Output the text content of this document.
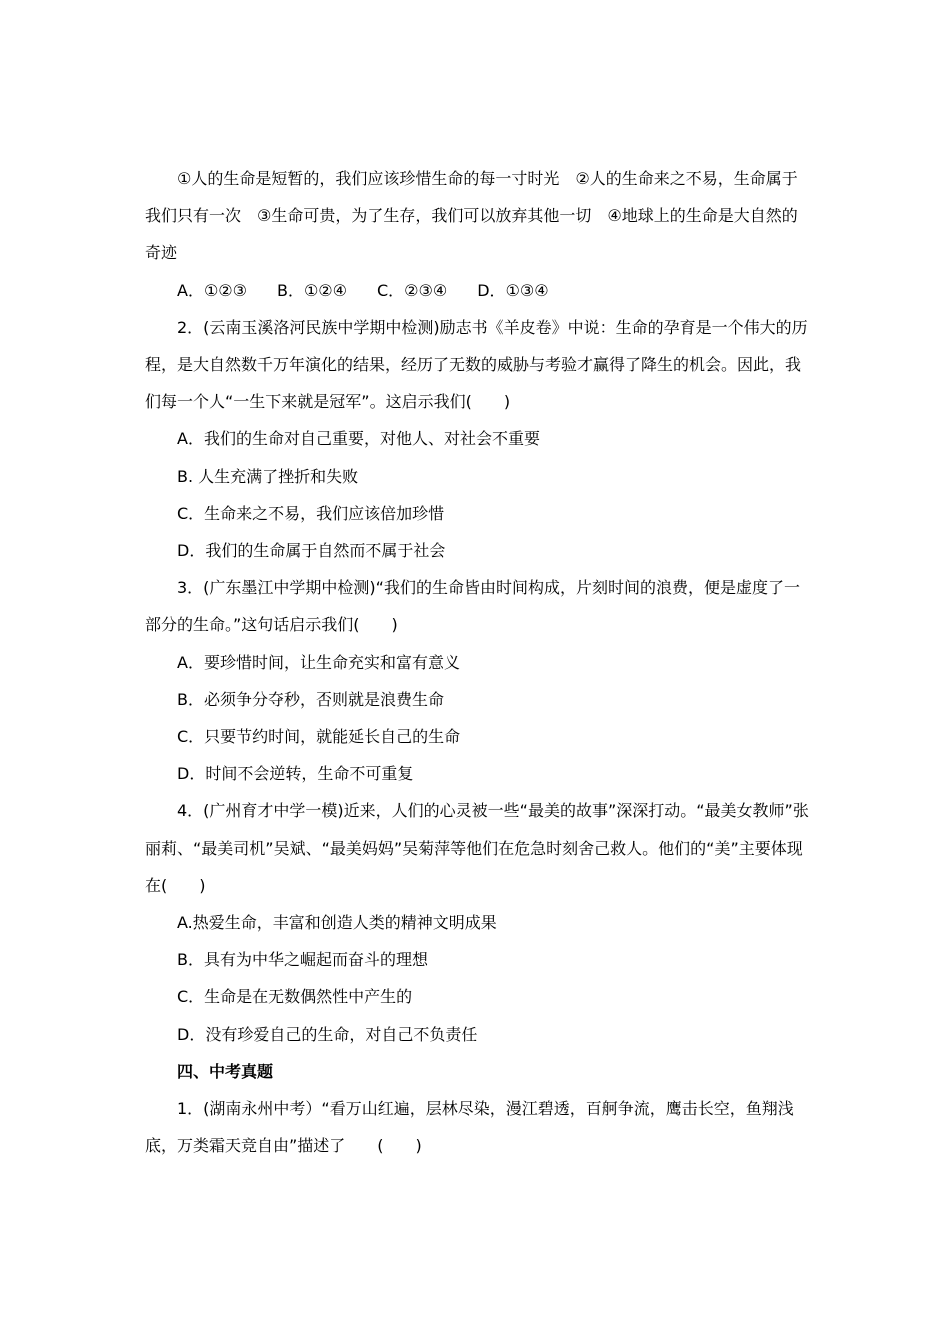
①人的生命是短暂的，我们应该珍惜生命的每一寸时光　②人的生命来之不易，生命属于我们只有一次　③生命可贵，为了生存，我们可以放弃其他一切　④地球上的生命是大自然的奇迹

A．①②③ B．①②④ C．②③④ D．①③④

2．(云南玉溪洛河民族中学期中检测)励志书《羊皮卷》中说：生命的孕育是一个伟大的历程，是大自然数千万年演化的结果，经历了无数的威胁与考验才赢得了降生的机会。因此，我们每一个人“一生下来就是冠军”。这启示我们(　　)

A．我们的生命对自己重要，对他人、对社会不重要

B. 人生充满了挫折和失败

C．生命来之不易，我们应该倍加珍惜

D．我们的生命属于自然而不属于社会

3．(广东墨江中学期中检测)“我们的生命皆由时间构成，片刻时间的浪费，便是虚度了一部分的生命。”这句话启示我们(　　)

A．要珍惜时间，让生命充实和富有意义

B．必须争分夺秒，否则就是浪费生命

C．只要节约时间，就能延长自己的生命

D．时间不会逆转，生命不可重复

4．(广州育才中学一模)近来，人们的心灵被一些“最美的故事”深深打动。“最美女教师”张丽莉、“最美司机”吴斌、“最美妈妈”吴菊萍等他们在危急时刻舍己救人。他们的“美”主要体现在(　　)

A.热爱生命，丰富和创造人类的精神文明成果

B．具有为中华之崛起而奋斗的理想

C．生命是在无数偶然性中产生的

D．没有珍爱自己的生命，对自己不负责任

四、中考真题

1．(湖南永州中考）“看万山红遍，层林尽染，漫江碧透，百舸争流，鹰击长空，鱼翔浅底，万类霜天竞自由”描述了　　(　　)
